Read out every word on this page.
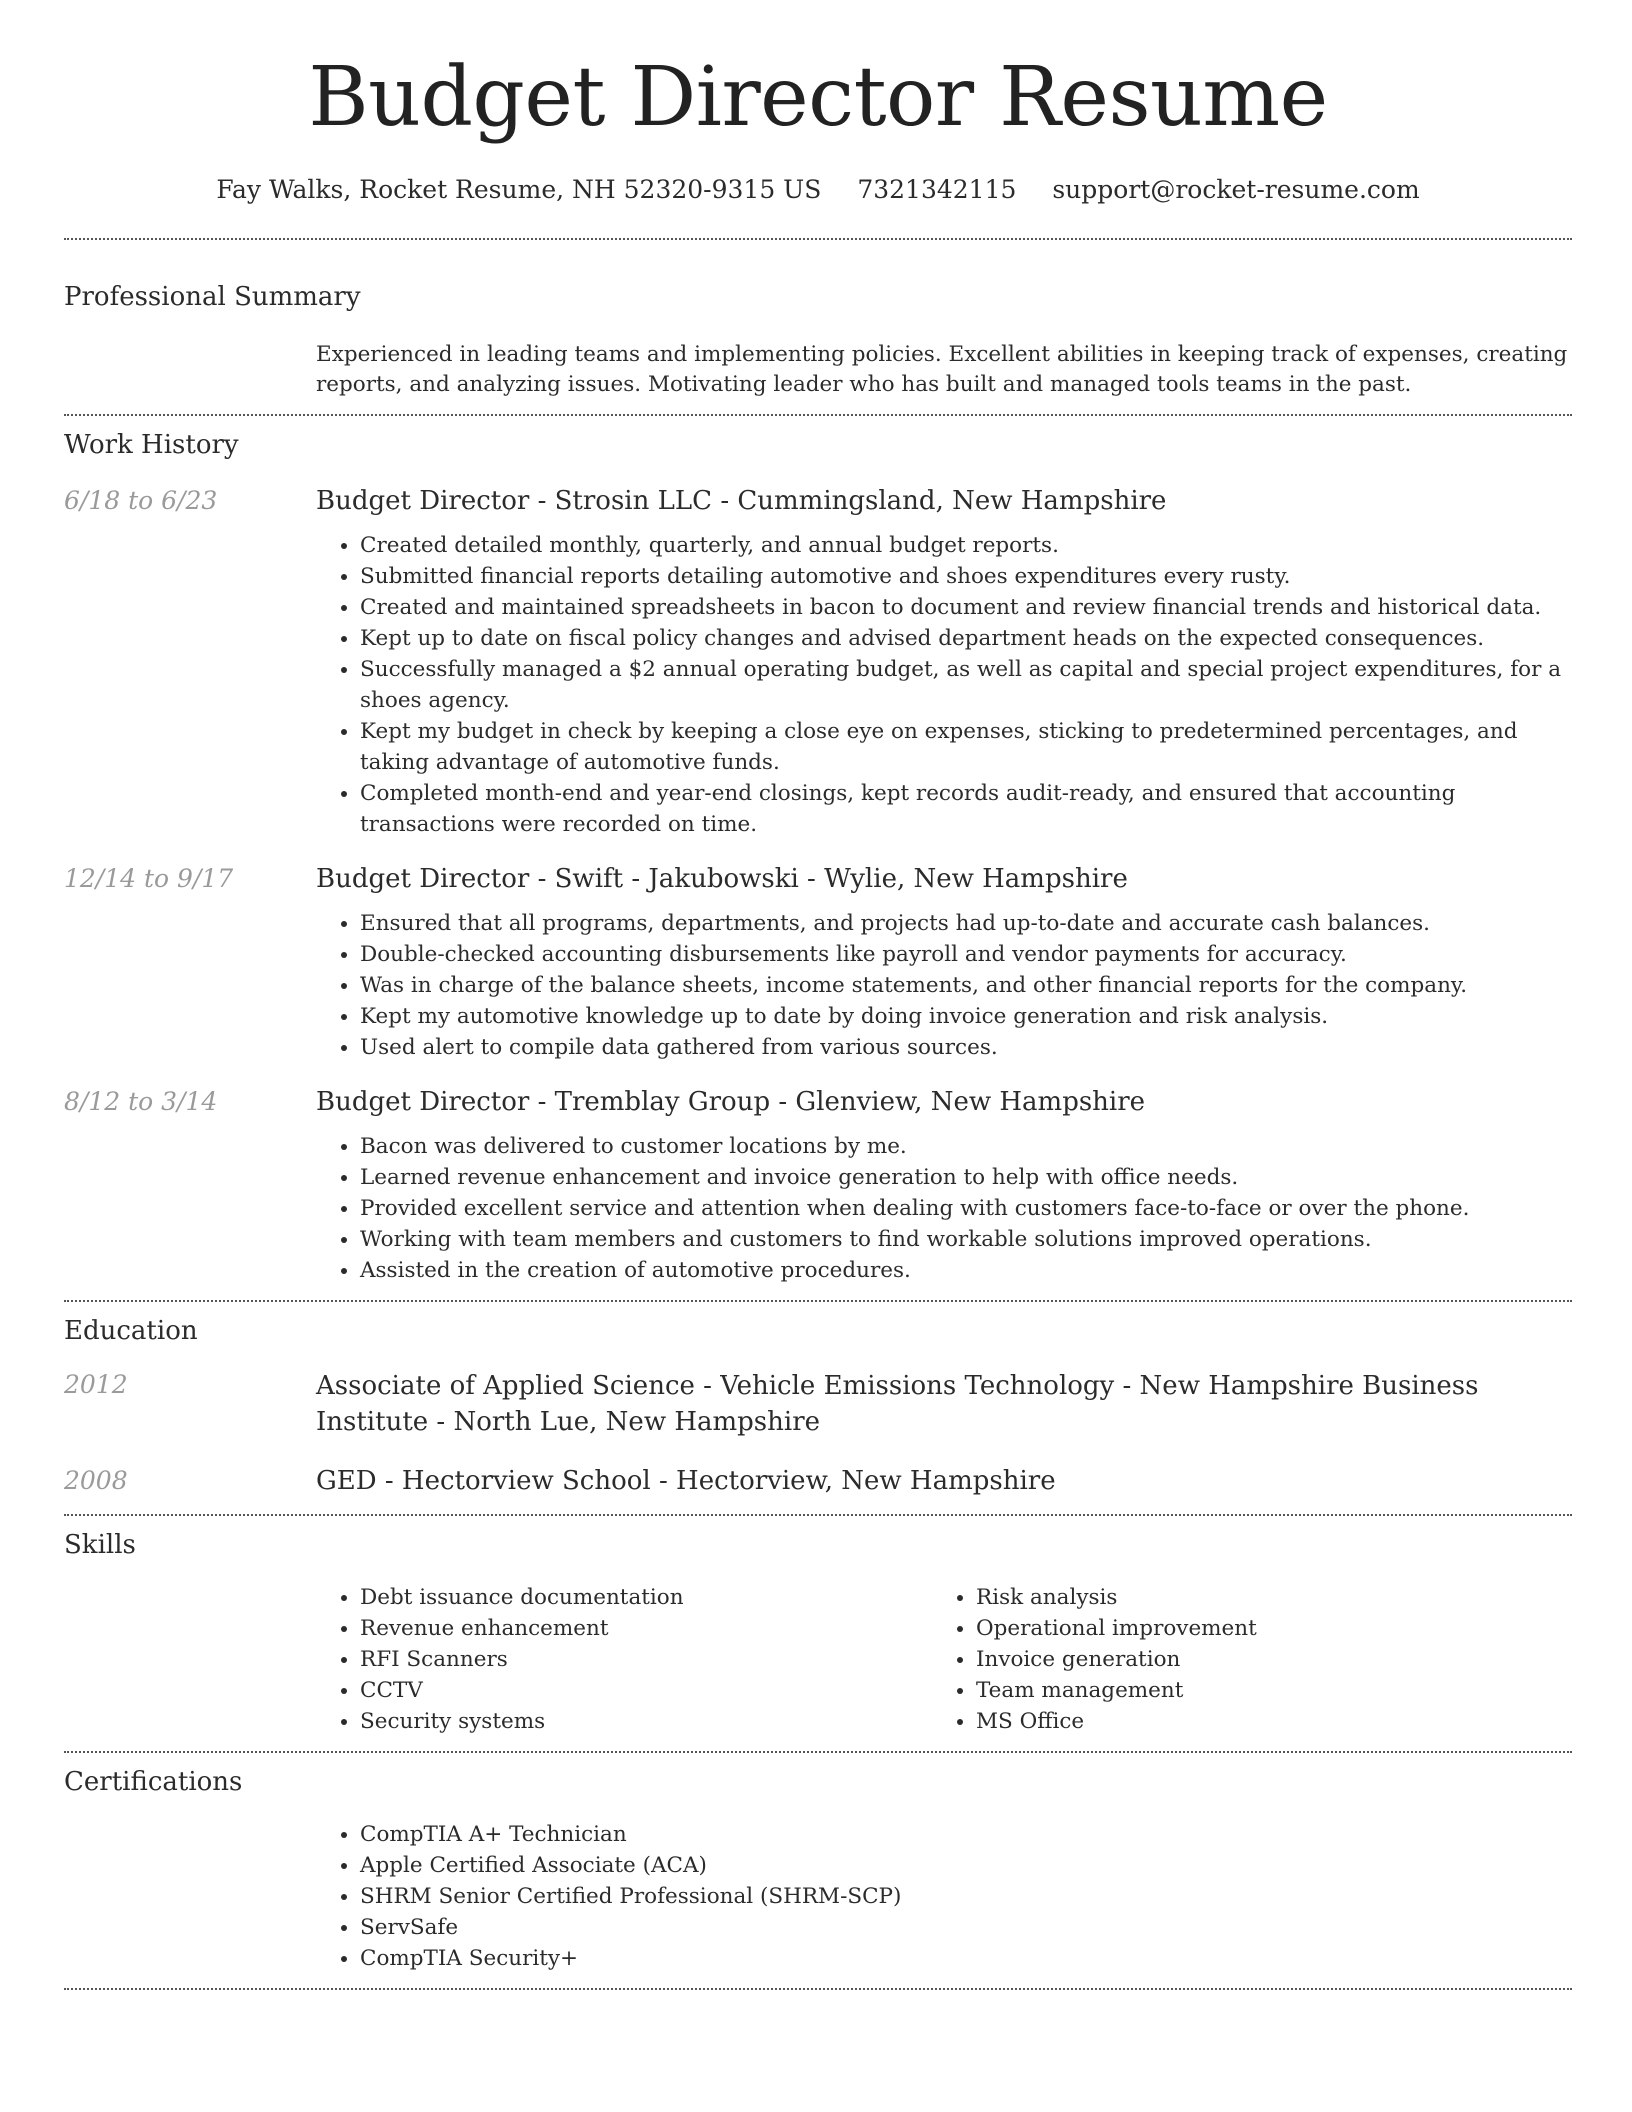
Budget Director Resume
Fay Walks, Rocket Resume, NH 52320-9315 US 7321342115 support@rocket-resume.com
Professional Summary
Experienced in leading teams and implementing policies. Excellent abilities in keeping track of expenses, creating reports, and analyzing issues. Motivating leader who has built and managed tools teams in the past.
Work History
6/18 to 6/23	Budget Director - Strosin LLC - Cummingsland, New Hampshire
• Created detailed monthly, quarterly, and annual budget reports.
• Submitted financial reports detailing automotive and shoes expenditures every rusty.
• Created and maintained spreadsheets in bacon to document and review financial trends and historical data.
• Kept up to date on fiscal policy changes and advised department heads on the expected consequences.
• Successfully managed a $2 annual operating budget, as well as capital and special project expenditures, for a shoes agency.
• Kept my budget in check by keeping a close eye on expenses, sticking to predetermined percentages, and taking advantage of automotive funds.
• Completed month-end and year-end closings, kept records audit-ready, and ensured that accounting transactions were recorded on time.
12/14 to 9/17	Budget Director - Swift - Jakubowski - Wylie, New Hampshire
• Ensured that all programs, departments, and projects had up-to-date and accurate cash balances.
• Double-checked accounting disbursements like payroll and vendor payments for accuracy.
• Was in charge of the balance sheets, income statements, and other financial reports for the company.
• Kept my automotive knowledge up to date by doing invoice generation and risk analysis.
• Used alert to compile data gathered from various sources.
8/12 to 3/14	Budget Director - Tremblay Group - Glenview, New Hampshire
• Bacon was delivered to customer locations by me.
• Learned revenue enhancement and invoice generation to help with office needs.
• Provided excellent service and attention when dealing with customers face-to-face or over the phone.
• Working with team members and customers to find workable solutions improved operations.
• Assisted in the creation of automotive procedures.
Education
2012	Associate of Applied Science - Vehicle Emissions Technology - New Hampshire Business Institute - North Lue, New Hampshire
2008	GED - Hectorview School - Hectorview, New Hampshire
Skills
• Debt issuance documentation
• Revenue enhancement
• RFI Scanners
• CCTV
• Security systems
• Risk analysis
• Operational improvement
• Invoice generation
• Team management
• MS Office
Certifications
• CompTIA A+ Technician
• Apple Certified Associate (ACA)
• SHRM Senior Certified Professional (SHRM-SCP)
• ServSafe
• CompTIA Security+
